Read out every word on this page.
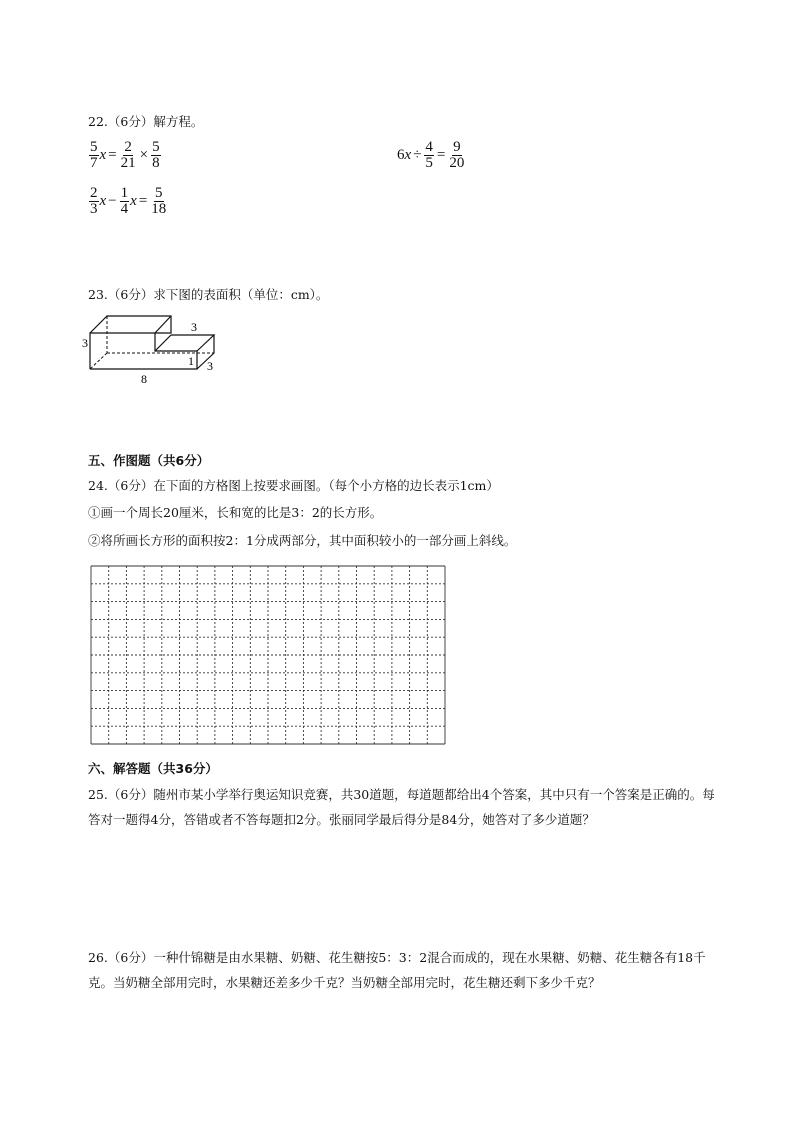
22.（6分）解方程。
$\frac{5}{7}$ $x = \frac{2}{21} \times \frac{5}{8}$	6 $x \div \frac{4}{5} = \frac{9}{20}$
$\frac{2}{3}$ $x - \frac{1}{4}$ $x = \frac{5}{18}$
23.（6分）求下图的表面积（单位：cm）。
3
3
1 3
8
五、作图题（共6分）
24.（6分）在下面的方格图上按要求画图。（每个小方格的边长表示1cm）
①画一个周长20厘米，长和宽的比是3：2的长方形。
②将所画长方形的面积按2：1分成两部分，其中面积较小的一部分画上斜线。
六、解答题（共36分）
25.（6分）随州市某小学举行奥运知识竞赛，共30道题，每道题都给出4个答案，其中只有一个答案是正确的。每答对一题得4分，答错或者不答每题扣2分。张丽同学最后得分是84分，她答对了多少道题？
26.（6分）一种什锦糖是由水果糖、奶糖、花生糖按5：3：2混合而成的，现在水果糖、奶糖、花生糖各有18千克。当奶糖全部用完时，水果糖还差多少千克？当奶糖全部用完时，花生糖还剩下多少千克？
